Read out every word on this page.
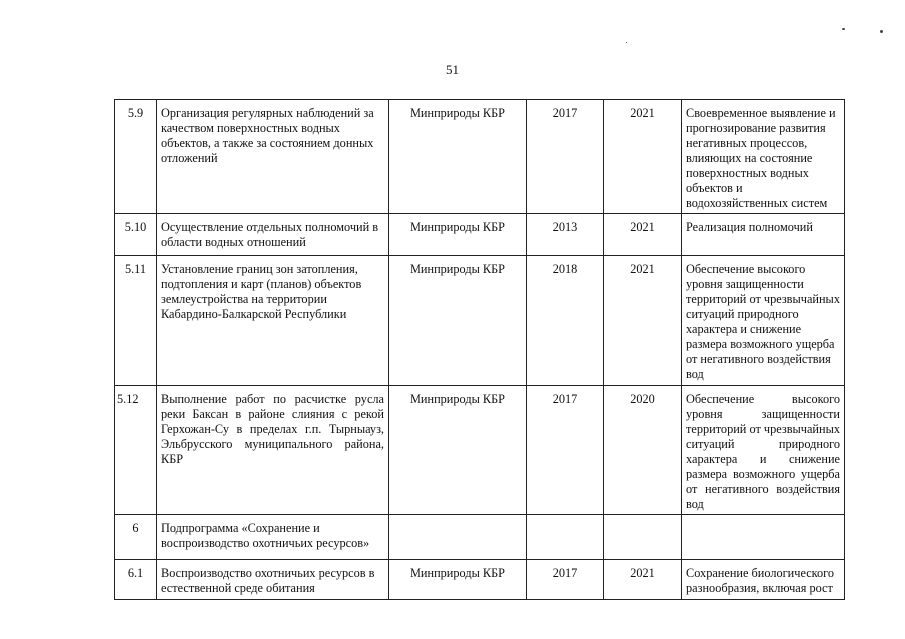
51
5.9	Организация регулярных наблюдений за качеством поверхностных водных объектов, а также за состоянием донных отложений	Минприроды КБР	2017	2021	Своевременное выявление и прогнозирование развития негативных процессов, влияющих на состояние поверхностных водных объектов и водохозяйственных систем
5.10	Осуществление отдельных полномочий в области водных отношений	Минприроды КБР	2013	2021	Реализация полномочий
5.11	Установление границ зон затопления, подтопления и карт (планов) объектов землеустройства на территории Кабардино-Балкарской Республики	Минприроды КБР	2018	2021	Обеспечение высокого уровня защищенности территорий от чрезвычайных ситуаций природного характера и снижение размера возможного ущерба от негативного воздействия вод
5.12	Выполнение работ по расчистке русла реки Баксан в районе слияния с рекой Герхожан-Су в пределах г.п. Тырныауз, Эльбрусского муниципального района, КБР	Минприроды КБР	2017	2020	Обеспечение высокого уровня защищенности территорий от чрезвычайных ситуаций природного характера и снижение размера возможного ущерба от негативного воздействия вод
6	Подпрограмма «Сохранение и воспроизводство охотничьих ресурсов»				
6.1	Воспроизводство охотничьих ресурсов в естественной среде обитания	Минприроды КБР	2017	2021	Сохранение биологического разнообразия, включая рост
